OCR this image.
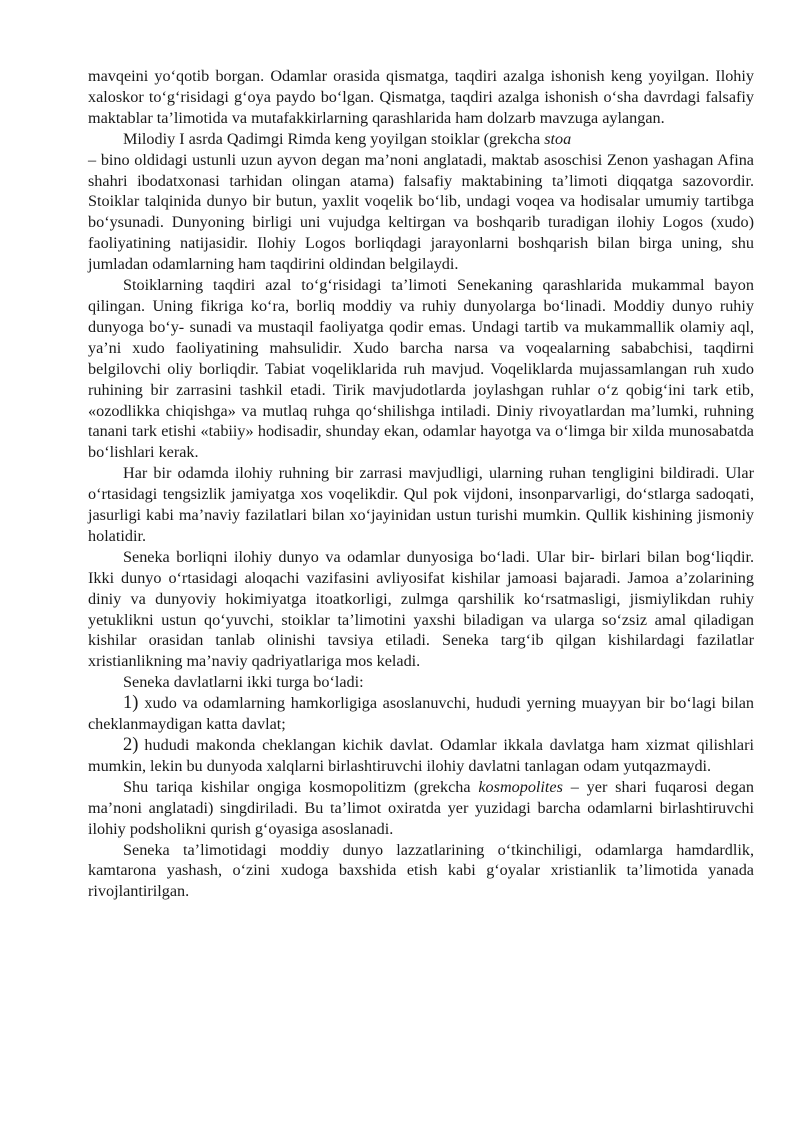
mavqeini yo‘qotib borgan. Odamlar orasida qismatga, taqdiri azalga ishonish keng yoyilgan. Ilohiy xaloskor to‘g‘risidagi g‘oya paydo bo‘lgan. Qismatga, taqdiri azalga ishonish o‘sha davrdagi falsafiy maktablar ta’limotida va mutafakkirlarning qarashlarida ham dolzarb mavzuga aylangan.

Milodiy I asrda Qadimgi Rimda keng yoyilgan stoiklar (grekcha stoa

– bino oldidagi ustunli uzun ayvon degan ma’noni anglatadi, maktab asoschisi Zenon yashagan Afina shahri ibodatxonasi tarhidan olingan atama) falsafiy maktabining ta’limoti diqqatga sazovordir. Stoiklar talqinida dunyo bir butun, yaxlit voqelik bo‘lib, undagi voqea va hodisalar umumiy tartibga bo‘ysunadi. Dunyoning birligi uni vujudga keltirgan va boshqarib turadigan ilohiy Logos (xudo) faoliyatining natijasidir. Ilohiy Logos borliqdagi jarayonlarni boshqarish bilan birga uning, shu jumladan odamlarning ham taqdirini oldindan belgilaydi.

Stoiklarning taqdiri azal to‘g‘risidagi ta’limoti Senekaning qarashlarida mukammal bayon qilingan. Uning fikriga ko‘ra, borliq moddiy va ruhiy dunyolarga bo‘linadi. Moddiy dunyo ruhiy dunyoga bo‘y- sunadi va mustaqil faoliyatga qodir emas. Undagi tartib va mukammallik olamiy aql, ya’ni xudo faoliyatining mahsulidir. Xudo barcha narsa va voqealarning sababchisi, taqdirni belgilovchi oliy borliqdir. Tabiat voqeliklarida ruh mavjud. Voqeliklarda mujassamlangan ruh xudo ruhining bir zarrasini tashkil etadi. Tirik mavjudotlarda joylashgan ruhlar o‘z qobig‘ini tark etib, «ozodlikka chiqishga» va mutlaq ruhga qo‘shilishga intiladi. Diniy rivoyatlardan ma’lumki, ruhning tanani tark etishi «tabiiy» hodisadir, shunday ekan, odamlar hayotga va o‘limga bir xilda munosabatda bo‘lishlari kerak.

Har bir odamda ilohiy ruhning bir zarrasi mavjudligi, ularning ruhan tengligini bildiradi. Ular o‘rtasidagi tengsizlik jamiyatga xos voqelikdir. Qul pok vijdoni, insonparvarligi, do‘stlarga sadoqati, jasurligi kabi ma’naviy fazilatlari bilan xo‘jayinidan ustun turishi mumkin. Qullik kishining jismoniy holatidir.

Seneka borliqni ilohiy dunyo va odamlar dunyosiga bo‘ladi. Ular bir- birlari bilan bog‘liqdir. Ikki dunyo o‘rtasidagi aloqachi vazifasini avliyosifat kishilar jamoasi bajaradi. Jamoa a’zolarining diniy va dunyoviy hokimiyatga itoatkorligi, zulmga qarshilik ko‘rsatmasligi, jismiylikdan ruhiy yetuklikni ustun qo‘yuvchi, stoiklar ta’limotini yaxshi biladigan va ularga so‘zsiz amal qiladigan kishilar orasidan tanlab olinishi tavsiya etiladi. Seneka targ‘ib qilgan kishilardagi fazilatlar xristianlikning ma’naviy qadriyatlariga mos keladi.

Seneka davlatlarni ikki turga bo‘ladi:

1) xudo va odamlarning hamkorligiga asoslanuvchi, hududi yerning muayyan bir bo‘lagi bilan cheklanmaydigan katta davlat;

2) hududi makonda cheklangan kichik davlat. Odamlar ikkala davlatga ham xizmat qilishlari mumkin, lekin bu dunyoda xalqlarni birlashtiruvchi ilohiy davlatni tanlagan odam yutqazmaydi.

Shu tariqa kishilar ongiga kosmopolitizm (grekcha kosmopolites – yer shari fuqarosi degan ma’noni anglatadi) singdiriladi. Bu ta’limot oxiratda yer yuzidagi barcha odamlarni birlashtiruvchi ilohiy podsholikni qurish g‘oyasiga asoslanadi.

Seneka ta’limotidagi moddiy dunyo lazzatlarining o‘tkinchiligi, odamlarga hamdardlik, kamtarona yashash, o‘zini xudoga baxshida etish kabi g‘oyalar xristianlik ta’limotida yanada rivojlantirilgan.
